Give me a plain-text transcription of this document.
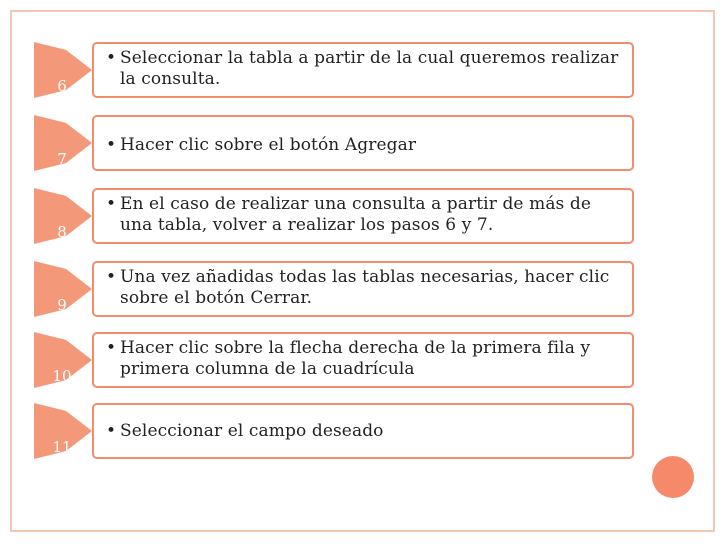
6
• Seleccionar la tabla a partir de la cual queremos realizar la consulta.
7
• Hacer clic sobre el botón Agregar
8
• En el caso de realizar una consulta a partir de más de una tabla, volver a realizar los pasos 6 y 7.
9
• Una vez añadidas todas las tablas necesarias, hacer clic sobre el botón Cerrar.
10
• Hacer clic sobre la flecha derecha de la primera fila y primera columna de la cuadrícula
11
• Seleccionar el campo deseado
